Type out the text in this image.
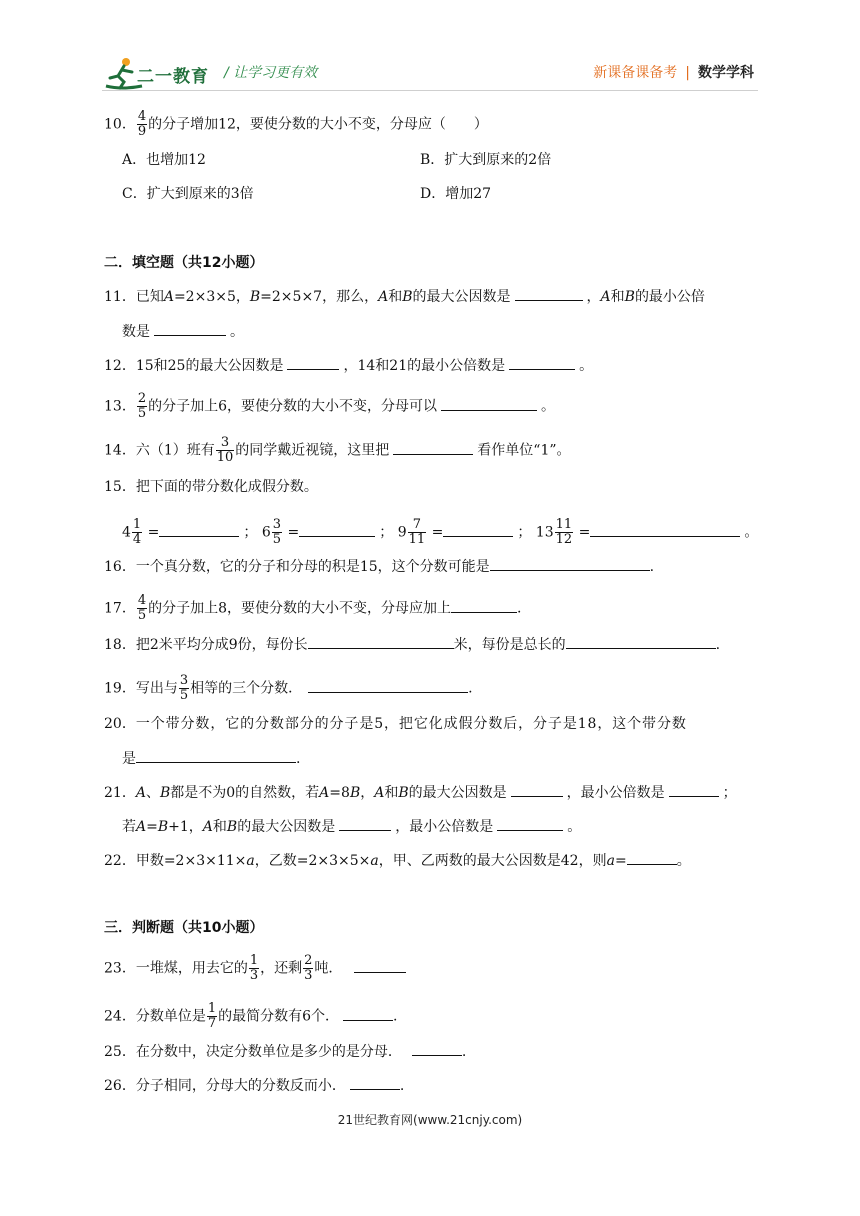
二一教育 / 让学习更有效	新课备课备考 | 数学学科
10． $\frac{4}{9}$ 的分子增加12，要使分数的大小不变，分母应（　　）
A．也增加12	B．扩大到原来的2倍
C．扩大到原来的3倍	D．增加27
二．填空题（共12小题）
11．已知A=2×3×5，B=2×5×7，那么，A和B的最大公因数是	，A和B的最小公倍
数是	。
12．15和25的最大公因数是	，14和21的最小公倍数是	。
13． $\frac{2}{5}$ 的分子加上6，要使分数的大小不变，分母可以	。
14．六（1）班有 $\frac{3}{10}$ 的同学戴近视镜，这里把	看作单位“1”。
15．把下面的带分数化成假分数。
$4 \frac{1}{4}$ =	； $6 \frac{3}{5}$ =	； $9 \frac{7}{11}$ =	； $13 \frac{11}{12}$ =	。
16．一个真分数，它的分子和分母的积是15，这个分数可能是	.
17． $\frac{4}{5}$ 的分子加上8，要使分数的大小不变，分母应加上	.
18．把2米平均分成9份，每份长	米，每份是总长的	.
19．写出与 $\frac{3}{5}$ 相等的三个分数．	.
20．一个带分数，它的分数部分的分子是5，把它化成假分数后，分子是18，这个带分数
是	.
21．A、B都是不为0的自然数，若A=8B，A和B的最大公因数是	，最小公倍数是	；
若A=B+1，A和B的最大公因数是	，最小公倍数是	。
22．甲数=2×3×11×a，乙数=2×3×5×a，甲、乙两数的最大公因数是42，则a=	。
三．判断题（共10小题）
23．一堆煤，用去它的 $\frac{1}{3}$ ，还剩 $\frac{2}{3}$ 吨．
24．分数单位是 $\frac{1}{7}$ 的最简分数有6个．	.
25．在分数中，决定分数单位是多少的是分母．	.
26．分子相同，分母大的分数反而小．	.
21世纪教育网(www.21cnjy.com)
